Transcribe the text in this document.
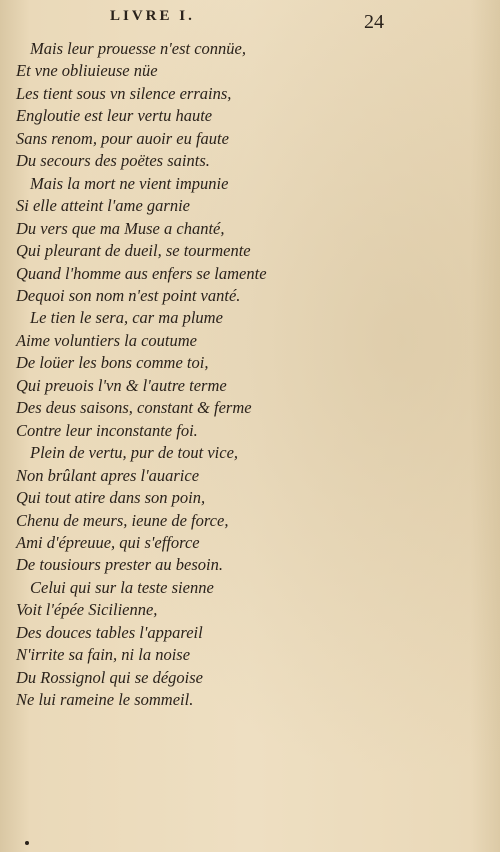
LIVRE I.	24
Mais leur prouesse n'est connüe,
Et vne obliuieuse nüe
Les tient sous vn silence errains,
Engloutie est leur vertu haute
Sans renom, pour auoir eu faute
Du secours des poëtes saints.
Mais la mort ne vient impunie
Si elle atteint l'ame garnie
Du vers que ma Muse a chanté,
Qui pleurant de dueil, se tourmente
Quand l'homme aus enfers se lamente
Dequoi son nom n'est point vanté.
Le tien le sera, car ma plume
Aime voluntiers la coutume
De loüer les bons comme toi,
Qui preuois l'vn & l'autre terme
Des deus saisons, constant & ferme
Contre leur inconstante foi.
Plein de vertu, pur de tout vice,
Non brûlant apres l'auarice
Qui tout atire dans son poin,
Chenu de meurs, ieune de force,
Ami d'épreuue, qui s'efforce
De tousiours prester au besoin.
Celui qui sur la teste sienne
Voit l'épée Sicilienne,
Des douces tables l'appareil
N'irrite sa fain, ni la noise
Du Rossignol qui se dégoise
Ne lui rameine le sommeil.
